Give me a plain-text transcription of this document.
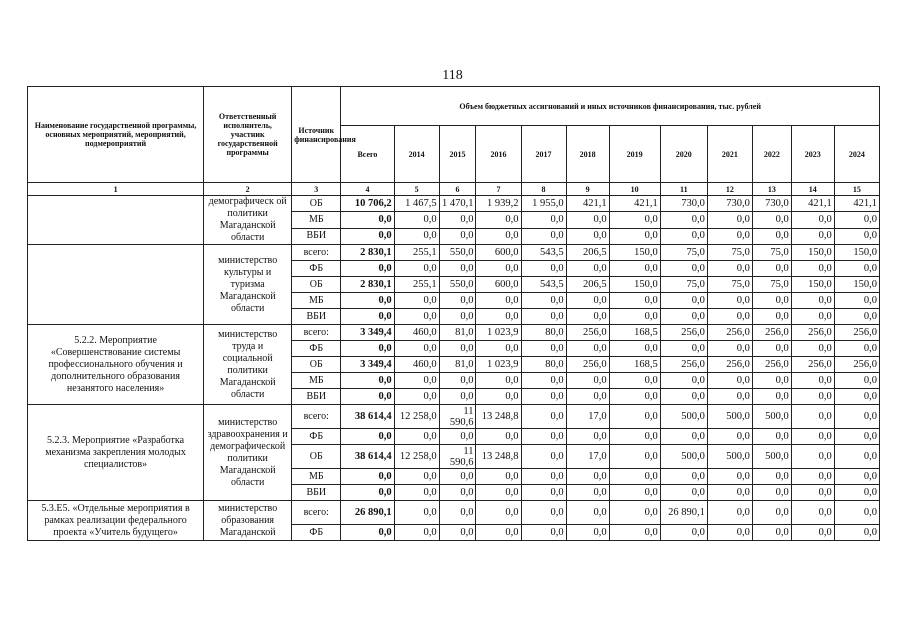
118
Наименование государственной программы, основных мероприятий, мероприятий, подмероприятий	Ответственный исполнитель, участник государственной программы	Источник финансирования	Объем бюджетных ассигнований и иных источников финансирования, тыс. рублей											
			Всего	2014	2015	2016	2017	2018	2019	2020	2021	2022	2023	2024
1	2	3	4	5	6	7	8	9	10	11	12	13	14	15
	демографическ ой политики Магаданской области	ОБ	10 706,2	1 467,5	1 470,1	1 939,2	1 955,0	421,1	421,1	730,0	730,0	730,0	421,1	421,1
		МБ	0,0	0,0	0,0	0,0	0,0	0,0	0,0	0,0	0,0	0,0	0,0	0,0
		ВБИ	0,0	0,0	0,0	0,0	0,0	0,0	0,0	0,0	0,0	0,0	0,0	0,0
	министерство культуры и туризма Магаданской области	всего:	2 830,1	255,1	550,0	600,0	543,5	206,5	150,0	75,0	75,0	75,0	150,0	150,0
		ФБ	0,0	0,0	0,0	0,0	0,0	0,0	0,0	0,0	0,0	0,0	0,0	0,0
		ОБ	2 830,1	255,1	550,0	600,0	543,5	206,5	150,0	75,0	75,0	75,0	150,0	150,0
		МБ	0,0	0,0	0,0	0,0	0,0	0,0	0,0	0,0	0,0	0,0	0,0	0,0
		ВБИ	0,0	0,0	0,0	0,0	0,0	0,0	0,0	0,0	0,0	0,0	0,0	0,0
5.2.2. Мероприятие «Совершенствование системы профессионального обучения и дополнительного образования незанятого населения»	министерство труда и социальной политики Магаданской области	всего:	3 349,4	460,0	81,0	1 023,9	80,0	256,0	168,5	256,0	256,0	256,0	256,0	256,0
		ФБ	0,0	0,0	0,0	0,0	0,0	0,0	0,0	0,0	0,0	0,0	0,0	0,0
		ОБ	3 349,4	460,0	81,0	1 023,9	80,0	256,0	168,5	256,0	256,0	256,0	256,0	256,0
		МБ	0,0	0,0	0,0	0,0	0,0	0,0	0,0	0,0	0,0	0,0	0,0	0,0
		ВБИ	0,0	0,0	0,0	0,0	0,0	0,0	0,0	0,0	0,0	0,0	0,0	0,0
5.2.3. Мероприятие «Разработка механизма закрепления молодых специалистов»	министерство здравоохранения и демографической политики Магаданской области	всего:	38 614,4	12 258,0	11 590,6	13 248,8	0,0	17,0	0,0	500,0	500,0	500,0	0,0	0,0
		ФБ	0,0	0,0	0,0	0,0	0,0	0,0	0,0	0,0	0,0	0,0	0,0	0,0
		ОБ	38 614,4	12 258,0	11 590,6	13 248,8	0,0	17,0	0,0	500,0	500,0	500,0	0,0	0,0
		МБ	0,0	0,0	0,0	0,0	0,0	0,0	0,0	0,0	0,0	0,0	0,0	0,0
		ВБИ	0,0	0,0	0,0	0,0	0,0	0,0	0,0	0,0	0,0	0,0	0,0	0,0
5.3.Е5. «Отдельные мероприятия в рамках реализации федерального проекта «Учитель будущего»	министерство образования Магаданской	всего:	26 890,1	0,0	0,0	0,0	0,0	0,0	0,0	26 890,1	0,0	0,0	0,0	0,0
		ФБ	0,0	0,0	0,0	0,0	0,0	0,0	0,0	0,0	0,0	0,0	0,0	0,0
